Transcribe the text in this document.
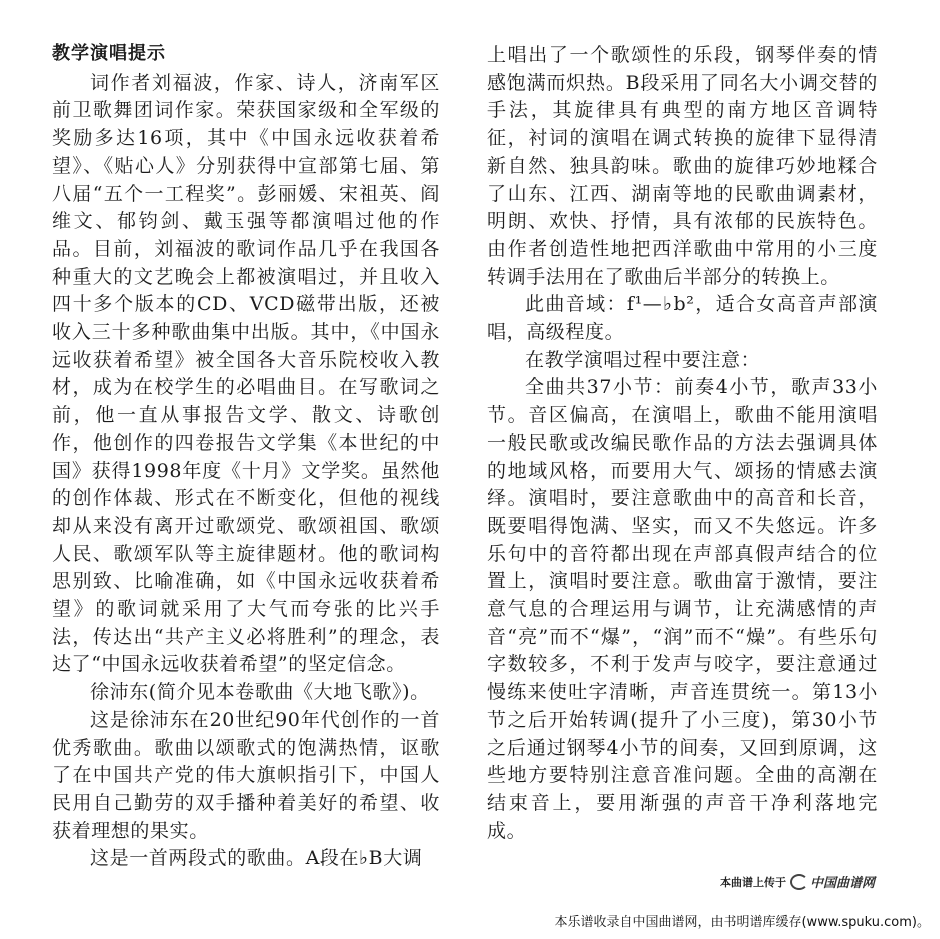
教学演唱提示

词作者刘福波，作家、诗人，济南军区前卫歌舞团词作家。荣获国家级和全军级的奖励多达16项，其中《中国永远收获着希望》、《贴心人》分别获得中宣部第七届、第八届“五个一工程奖”。彭丽媛、宋祖英、阎维文、郁钧剑、戴玉强等都演唱过他的作品。目前，刘福波的歌词作品几乎在我国各种重大的文艺晚会上都被演唱过，并且收入四十多个版本的CD、VCD磁带出版，还被收入三十多种歌曲集中出版。其中，《中国永远收获着希望》被全国各大音乐院校收入教材，成为在校学生的必唱曲目。在写歌词之前，他一直从事报告文学、散文、诗歌创作，他创作的四卷报告文学集《本世纪的中国》获得1998年度《十月》文学奖。虽然他的创作体裁、形式在不断变化，但他的视线却从来没有离开过歌颂党、歌颂祖国、歌颂人民、歌颂军队等主旋律题材。他的歌词构思别致、比喻准确，如《中国永远收获着希望》的歌词就采用了大气而夸张的比兴手法，传达出“共产主义必将胜利”的理念，表达了“中国永远收获着希望”的坚定信念。

徐沛东(简介见本卷歌曲《大地飞歌》)。

这是徐沛东在20世纪90年代创作的一首优秀歌曲。歌曲以颂歌式的饱满热情，讴歌了在中国共产党的伟大旗帜指引下，中国人民用自己勤劳的双手播种着美好的希望、收获着理想的果实。

这是一首两段式的歌曲。A段在♭B大调

上唱出了一个歌颂性的乐段，钢琴伴奏的情感饱满而炽热。B段采用了同名大小调交替的手法，其旋律具有典型的南方地区音调特征，衬词的演唱在调式转换的旋律下显得清新自然、独具韵味。歌曲的旋律巧妙地糅合了山东、江西、湖南等地的民歌曲调素材，明朗、欢快、抒情，具有浓郁的民族特色。由作者创造性地把西洋歌曲中常用的小三度转调手法用在了歌曲后半部分的转换上。

此曲音域：f¹—♭b²，适合女高音声部演唱，高级程度。

在教学演唱过程中要注意：

全曲共37小节：前奏4小节，歌声33小节。音区偏高，在演唱上，歌曲不能用演唱一般民歌或改编民歌作品的方法去强调具体的地域风格，而要用大气、颂扬的情感去演绎。演唱时，要注意歌曲中的高音和长音，既要唱得饱满、坚实，而又不失悠远。许多乐句中的音符都出现在声部真假声结合的位置上，演唱时要注意。歌曲富于激情，要注意气息的合理运用与调节，让充满感情的声音“亮”而不“爆”，“润”而不“燥”。有些乐句字数较多，不利于发声与咬字，要注意通过慢练来使吐字清晰，声音连贯统一。第13小节之后开始转调(提升了小三度)，第30小节之后通过钢琴4小节的间奏，又回到原调，这些地方要特别注意音准问题。全曲的高潮在结束音上，要用渐强的声音干净利落地完成。

本曲谱上传于 中国曲谱网
本乐谱收录自中国曲谱网，由书明谱库缓存(www.spuku.com)。
